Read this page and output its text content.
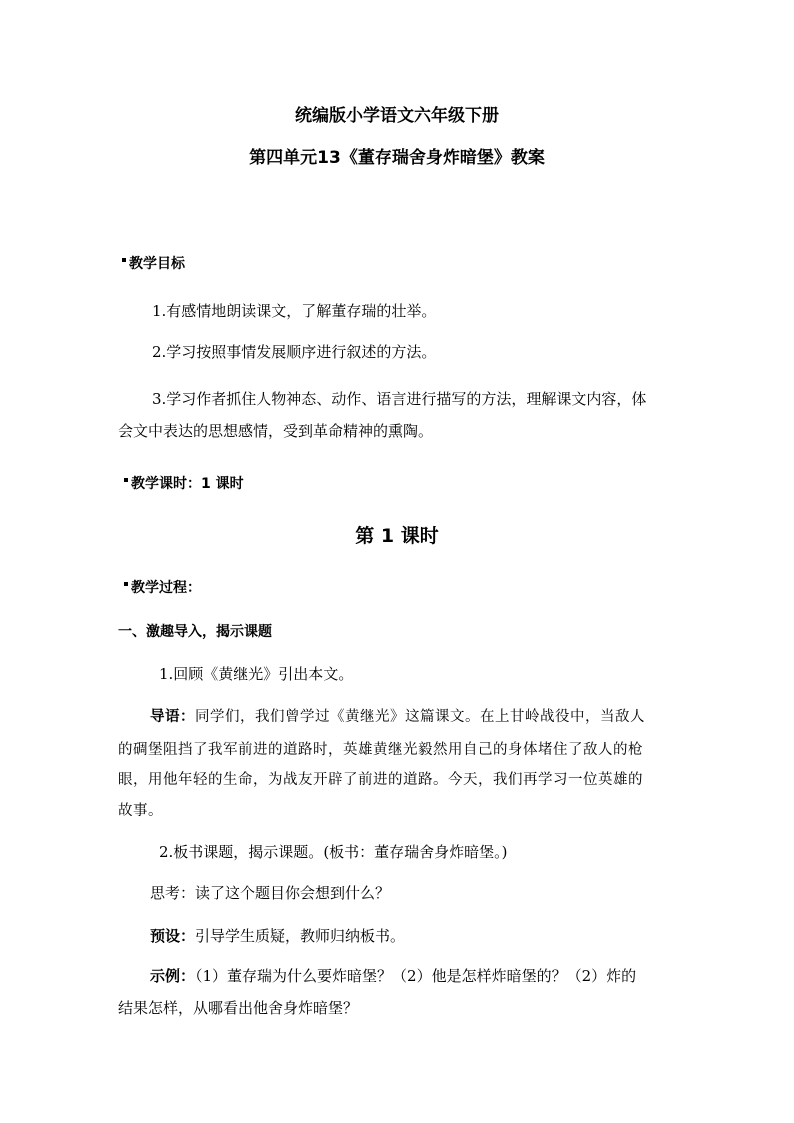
统编版小学语文六年级下册
第四单元13《董存瑞舍身炸暗堡》教案
教学目标
1.有感情地朗读课文，了解董存瑞的壮举。
2.学习按照事情发展顺序进行叙述的方法。
3.学习作者抓住人物神态、动作、语言进行描写的方法，理解课文内容，体
会文中表达的思想感情，受到革命精神的熏陶。
教学课时：1 课时
第 1 课时
教学过程：
一、激趣导入，揭示课题
1.回顾《黄继光》引出本文。
导语：同学们，我们曾学过《黄继光》这篇课文。在上甘岭战役中，当敌人
的碉堡阻挡了我军前进的道路时，英雄黄继光毅然用自己的身体堵住了敌人的枪
眼，用他年轻的生命，为战友开辟了前进的道路。今天，我们再学习一位英雄的
故事。
2.板书课题，揭示课题。(板书：董存瑞舍身炸暗堡。)
思考：读了这个题目你会想到什么？
预设：引导学生质疑，教师归纳板书。
示例：（1）董存瑞为什么要炸暗堡？（2）他是怎样炸暗堡的？（2）炸的
结果怎样，从哪看出他舍身炸暗堡？
